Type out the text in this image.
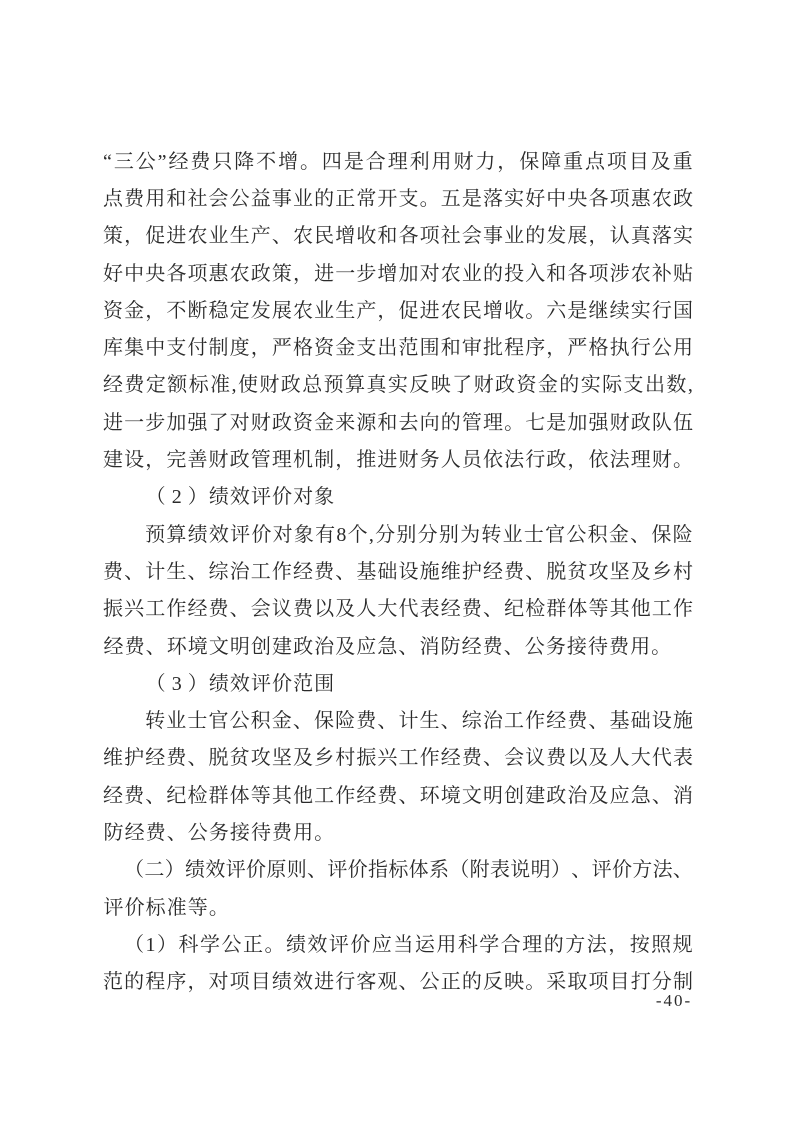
“ 三 公 ” 经 费 只 降 不 增 。 四 是 合 理 利 用 财 力 ， 保 障 重 点 项 目 及 重
点 费 用 和 社 会 公 益 事 业 的 正 常 开 支 。 五 是 落 实 好 中 央 各 项 惠 农 政
策 ， 促 进 农 业 生 产 、 农 民 增 收 和 各 项 社 会 事 业 的 发 展 ， 认 真 落 实
好 中 央 各 项 惠 农 政 策 ， 进 一 步 增 加 对 农 业 的 投 入 和 各 项 涉 农 补 贴
资 金 ， 不 断 稳 定 发 展 农 业 生 产 ， 促 进 农 民 增 收 。 六 是 继 续 实 行 国
库 集 中 支 付 制 度 ， 严 格 资 金 支 出 范 围 和 审 批 程 序 ， 严 格 执 行 公 用
经 费 定 额 标 准 , 使 财 政 总 预 算 真 实 反 映 了 财 政 资 金 的 实 际 支 出 数 ,
进 一 步 加 强 了 对 财 政 资 金 来 源 和 去 向 的 管 理 。 七 是 加 强 财 政 队 伍
建 设 ， 完 善 财 政 管 理 机 制 ， 推 进 财 务 人 员 依 法 行 政 ， 依 法 理 财 。
（ 2 ） 绩 效 评 价 对 象
预 算 绩 效 评 价 对 象 有 8 个 , 分 别 分 别 为 转 业 士 官 公 积 金 、 保 险
费 、 计 生 、 综 治 工 作 经 费 、 基 础 设 施 维 护 经 费 、 脱 贫 攻 坚 及 乡 村
振 兴 工 作 经 费 、 会 议 费 以 及 人 大 代 表 经 费 、 纪 检 群 体 等 其 他 工 作
经 费 、 环 境 文 明 创 建 政 治 及 应 急 、 消 防 经 费 、 公 务 接 待 费 用 。
（ 3 ） 绩 效 评 价 范 围
转 业 士 官 公 积 金 、 保 险 费 、 计 生 、 综 治 工 作 经 费 、 基 础 设 施
维 护 经 费 、 脱 贫 攻 坚 及 乡 村 振 兴 工 作 经 费 、 会 议 费 以 及 人 大 代 表
经 费 、 纪 检 群 体 等 其 他 工 作 经 费 、 环 境 文 明 创 建 政 治 及 应 急 、 消
防 经 费 、 公 务 接 待 费 用 。
（ 二 ） 绩 效 评 价 原 则 、 评 价 指 标 体 系 （ 附 表 说 明 ） 、 评 价 方 法 、
评 价 标 准 等 。
（ 1 ） 科 学 公 正 。 绩 效 评 价 应 当 运 用 科 学 合 理 的 方 法 ， 按 照 规
范 的 程 序 ， 对 项 目 绩 效 进 行 客 观 、 公 正 的 反 映 。 采 取 项 目 打 分 制
-40-
